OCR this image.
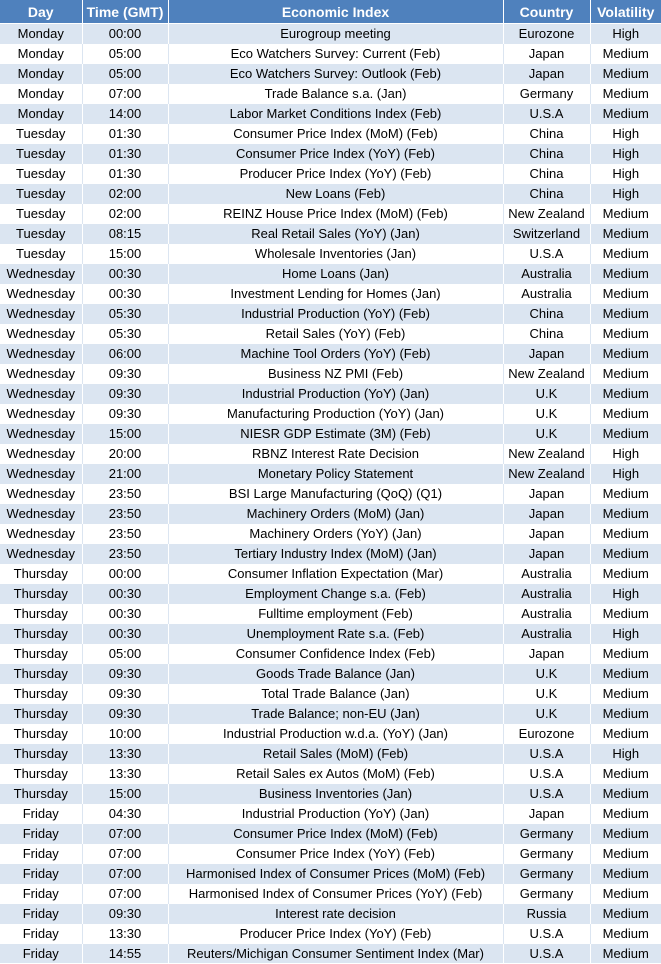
Day	Time (GMT)	Economic Index	Country	Volatility
Monday	00:00	Eurogroup meeting	Eurozone	High
Monday	05:00	Eco Watchers Survey: Current (Feb)	Japan	Medium
Monday	05:00	Eco Watchers Survey: Outlook (Feb)	Japan	Medium
Monday	07:00	Trade Balance s.a. (Jan)	Germany	Medium
Monday	14:00	Labor Market Conditions Index (Feb)	U.S.A	Medium
Tuesday	01:30	Consumer Price Index (MoM) (Feb)	China	High
Tuesday	01:30	Consumer Price Index (YoY) (Feb)	China	High
Tuesday	01:30	Producer Price Index (YoY) (Feb)	China	High
Tuesday	02:00	New Loans (Feb)	China	High
Tuesday	02:00	REINZ House Price Index (MoM) (Feb)	New Zealand	Medium
Tuesday	08:15	Real Retail Sales (YoY) (Jan)	Switzerland	Medium
Tuesday	15:00	Wholesale Inventories (Jan)	U.S.A	Medium
Wednesday	00:30	Home Loans (Jan)	Australia	Medium
Wednesday	00:30	Investment Lending for Homes (Jan)	Australia	Medium
Wednesday	05:30	Industrial Production (YoY) (Feb)	China	Medium
Wednesday	05:30	Retail Sales (YoY) (Feb)	China	Medium
Wednesday	06:00	Machine Tool Orders (YoY) (Feb)	Japan	Medium
Wednesday	09:30	Business NZ PMI (Feb)	New Zealand	Medium
Wednesday	09:30	Industrial Production (YoY) (Jan)	U.K	Medium
Wednesday	09:30	Manufacturing Production (YoY) (Jan)	U.K	Medium
Wednesday	15:00	NIESR GDP Estimate (3M) (Feb)	U.K	Medium
Wednesday	20:00	RBNZ Interest Rate Decision	New Zealand	High
Wednesday	21:00	Monetary Policy Statement	New Zealand	High
Wednesday	23:50	BSI Large Manufacturing (QoQ) (Q1)	Japan	Medium
Wednesday	23:50	Machinery Orders (MoM) (Jan)	Japan	Medium
Wednesday	23:50	Machinery Orders (YoY) (Jan)	Japan	Medium
Wednesday	23:50	Tertiary Industry Index (MoM) (Jan)	Japan	Medium
Thursday	00:00	Consumer Inflation Expectation (Mar)	Australia	Medium
Thursday	00:30	Employment Change s.a. (Feb)	Australia	High
Thursday	00:30	Fulltime employment (Feb)	Australia	Medium
Thursday	00:30	Unemployment Rate s.a. (Feb)	Australia	High
Thursday	05:00	Consumer Confidence Index (Feb)	Japan	Medium
Thursday	09:30	Goods Trade Balance (Jan)	U.K	Medium
Thursday	09:30	Total Trade Balance (Jan)	U.K	Medium
Thursday	09:30	Trade Balance; non-EU (Jan)	U.K	Medium
Thursday	10:00	Industrial Production w.d.a. (YoY) (Jan)	Eurozone	Medium
Thursday	13:30	Retail Sales (MoM) (Feb)	U.S.A	High
Thursday	13:30	Retail Sales ex Autos (MoM) (Feb)	U.S.A	Medium
Thursday	15:00	Business Inventories (Jan)	U.S.A	Medium
Friday	04:30	Industrial Production (YoY) (Jan)	Japan	Medium
Friday	07:00	Consumer Price Index (MoM) (Feb)	Germany	Medium
Friday	07:00	Consumer Price Index (YoY) (Feb)	Germany	Medium
Friday	07:00	Harmonised Index of Consumer Prices (MoM) (Feb)	Germany	Medium
Friday	07:00	Harmonised Index of Consumer Prices (YoY) (Feb)	Germany	Medium
Friday	09:30	Interest rate decision	Russia	Medium
Friday	13:30	Producer Price Index (YoY) (Feb)	U.S.A	Medium
Friday	14:55	Reuters/Michigan Consumer Sentiment Index (Mar)	U.S.A	Medium
